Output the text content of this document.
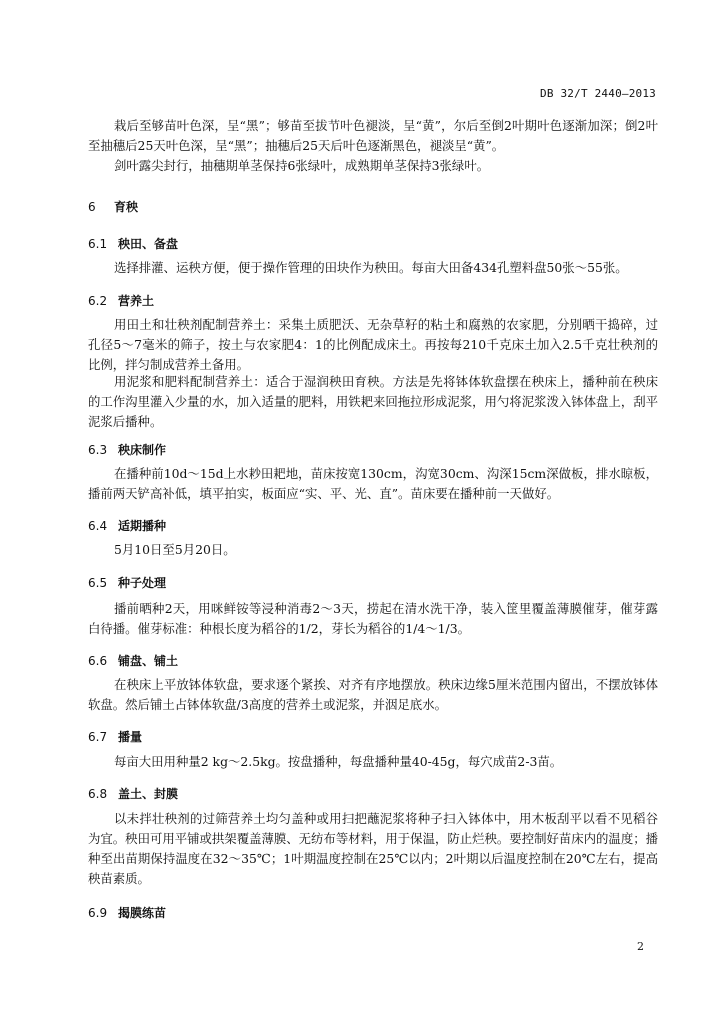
DB 32/T 2440—2013

栽后至够苗叶色深，呈“黑”；够苗至拔节叶色褪淡，呈“黄”，尔后至倒2叶期叶色逐渐加深；倒2叶至抽穗后25天叶色深，呈“黑”；抽穗后25天后叶色逐渐黑色，褪淡呈“黄”。

剑叶露尖封行，抽穗期单茎保持6张绿叶，成熟期单茎保持3张绿叶。

6 育秧
6.1 秧田、备盘

选择排灌、运秧方便，便于操作管理的田块作为秧田。每亩大田备434孔塑料盘50张～55张。

6.2 营养土

用田土和壮秧剂配制营养土：采集土质肥沃、无杂草籽的粘土和腐熟的农家肥，分别晒干捣碎，过孔径5～7毫米的筛子，按土与农家肥4：1的比例配成床土。再按每210千克床土加入2.5千克壮秧剂的比例，拌匀制成营养土备用。

用泥浆和肥料配制营养土：适合于湿润秧田育秧。方法是先将钵体软盘摆在秧床上，播种前在秧床的工作沟里灌入少量的水，加入适量的肥料，用铁耙来回拖拉形成泥浆，用勺将泥浆泼入钵体盘上，刮平泥浆后播种。

6.3 秧床制作

在播种前10d～15d上水耖田耙地，苗床按宽130cm，沟宽30cm、沟深15cm深做板，排水晾板，播前两天铲高补低，填平拍实，板面应“实、平、光、直”。苗床要在播种前一天做好。

6.4 适期播种

5月10日至5月20日。

6.5 种子处理

播前晒种2天，用咪鲜铵等浸种消毒2～3天，捞起在清水洗干净，装入筐里覆盖薄膜催芽，催芽露白待播。催芽标准：种根长度为稻谷的1/2，芽长为稻谷的1/4～1/3。

6.6 铺盘、铺土

在秧床上平放钵体软盘，要求逐个紧挨、对齐有序地摆放。秧床边缘5厘米范围内留出，不摆放钵体软盘。然后铺土占钵体软盘/3高度的营养土或泥浆，并洇足底水。

6.7 播量

每亩大田用种量2 kg～2.5kg。按盘播种，每盘播种量40-45g，每穴成苗2-3苗。

6.8 盖土、封膜

以未拌壮秧剂的过筛营养土均匀盖种或用扫把蘸泥浆将种子扫入钵体中，用木板刮平以看不见稻谷为宜。秧田可用平铺或拱架覆盖薄膜、无纺布等材料，用于保温，防止烂秧。要控制好苗床内的温度；播种至出苗期保持温度在32～35℃；1叶期温度控制在25℃以内；2叶期以后温度控制在20℃左右，提高秧苗素质。

6.9 揭膜练苗
2
